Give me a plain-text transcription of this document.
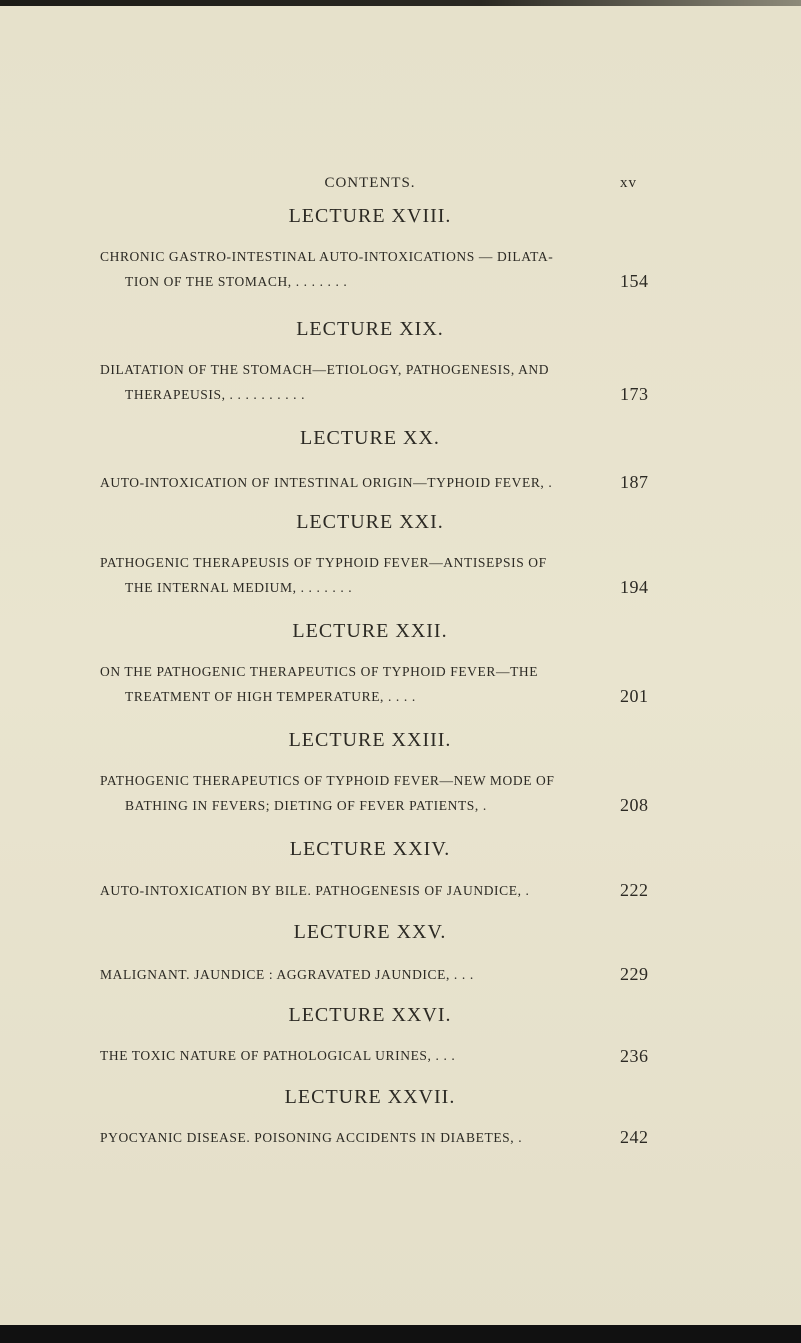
CONTENTS.	xv
LECTURE XVIII.
CHRONIC GASTRO-INTESTINAL AUTO-INTOXICATIONS — DILATA-
TION OF THE STOMACH, . . . . . . .	154
LECTURE XIX.
DILATATION OF THE STOMACH—ETIOLOGY, PATHOGENESIS, AND
THERAPEUSIS, . . . . . . . . . .	173
LECTURE XX.
AUTO-INTOXICATION OF INTESTINAL ORIGIN—TYPHOID FEVER, .	187
LECTURE XXI.
PATHOGENIC THERAPEUSIS OF TYPHOID FEVER—ANTISEPSIS OF
THE INTERNAL MEDIUM, . . . . . . .	194
LECTURE XXII.
ON THE PATHOGENIC THERAPEUTICS OF TYPHOID FEVER—THE
TREATMENT OF HIGH TEMPERATURE, . . . .	201
LECTURE XXIII.
PATHOGENIC THERAPEUTICS OF TYPHOID FEVER—NEW MODE OF
BATHING IN FEVERS; DIETING OF FEVER PATIENTS, .	208
LECTURE XXIV.
AUTO-INTOXICATION BY BILE. PATHOGENESIS OF JAUNDICE, .	222
LECTURE XXV.
MALIGNANT. JAUNDICE : AGGRAVATED JAUNDICE, . . .	229
LECTURE XXVI.
THE TOXIC NATURE OF PATHOLOGICAL URINES, . . .	236
LECTURE XXVII.
PYOCYANIC DISEASE. POISONING ACCIDENTS IN DIABETES, .	242
